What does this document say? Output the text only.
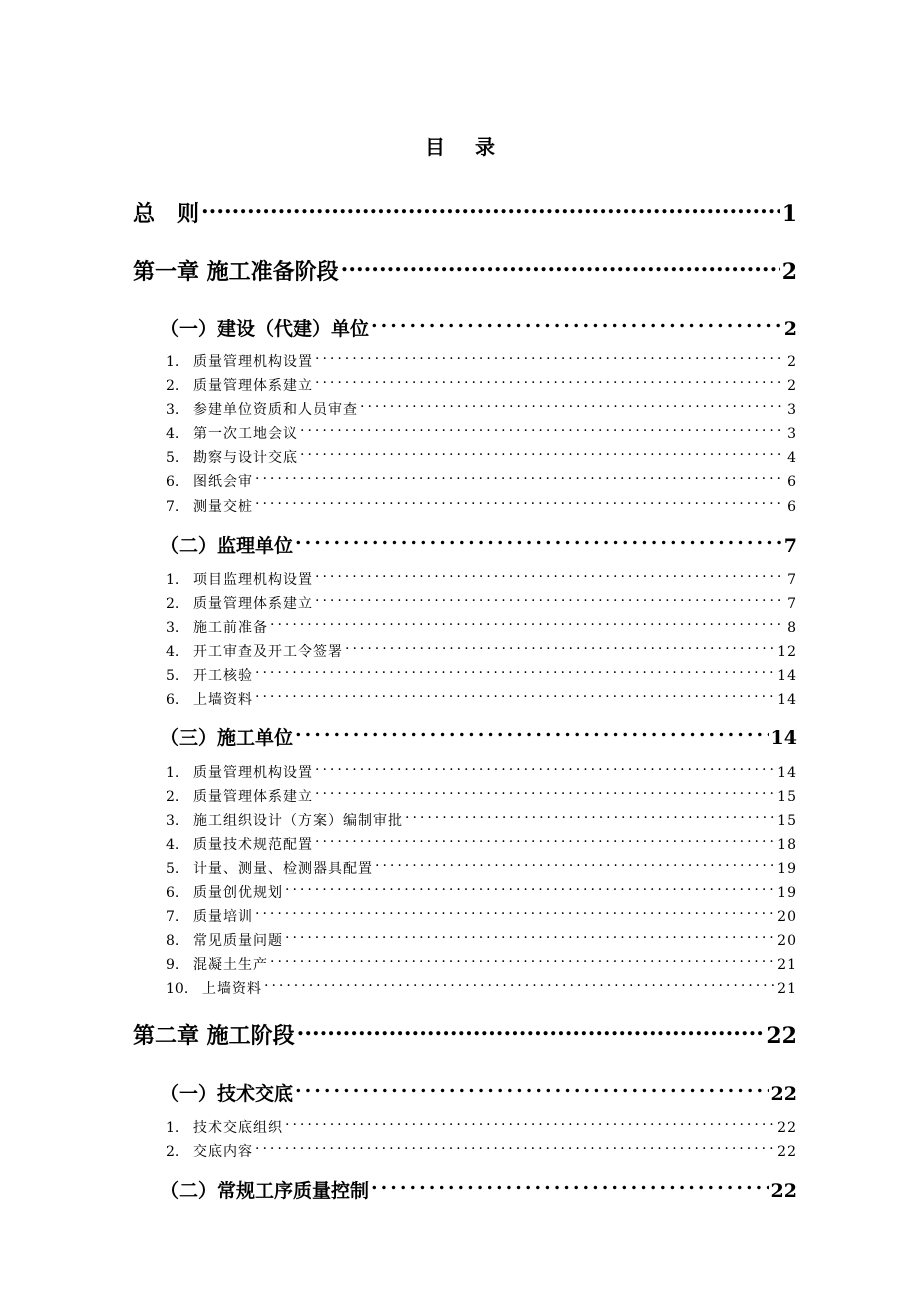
目 录
总　则 .....	1
第一章 施工准备阶段 .....	2
（一）建设（代建）单位 .....	2
1. 质量管理机构设置 .....	2
2. 质量管理体系建立 .....	2
3. 参建单位资质和人员审查 .....	3
4. 第一次工地会议 .....	3
5. 勘察与设计交底 .....	4
6. 图纸会审 .....	6
7. 测量交桩 .....	6
（二）监理单位 .....	7
1. 项目监理机构设置 .....	7
2. 质量管理体系建立 .....	7
3. 施工前准备 .....	8
4. 开工审查及开工令签署 .....	12
5. 开工核验 .....	14
6. 上墙资料 .....	14
（三）施工单位 .....	14
1. 质量管理机构设置 .....	14
2. 质量管理体系建立 .....	15
3. 施工组织设计（方案）编制审批 .....	15
4. 质量技术规范配置 .....	18
5. 计量、测量、检测器具配置 .....	19
6. 质量创优规划 .....	19
7. 质量培训 .....	20
8. 常见质量问题 .....	20
9. 混凝土生产 .....	21
10. 上墙资料 .....	21
第二章 施工阶段 .....	22
（一）技术交底 .....	22
1. 技术交底组织 .....	22
2. 交底内容 .....	22
（二）常规工序质量控制 .....	22
